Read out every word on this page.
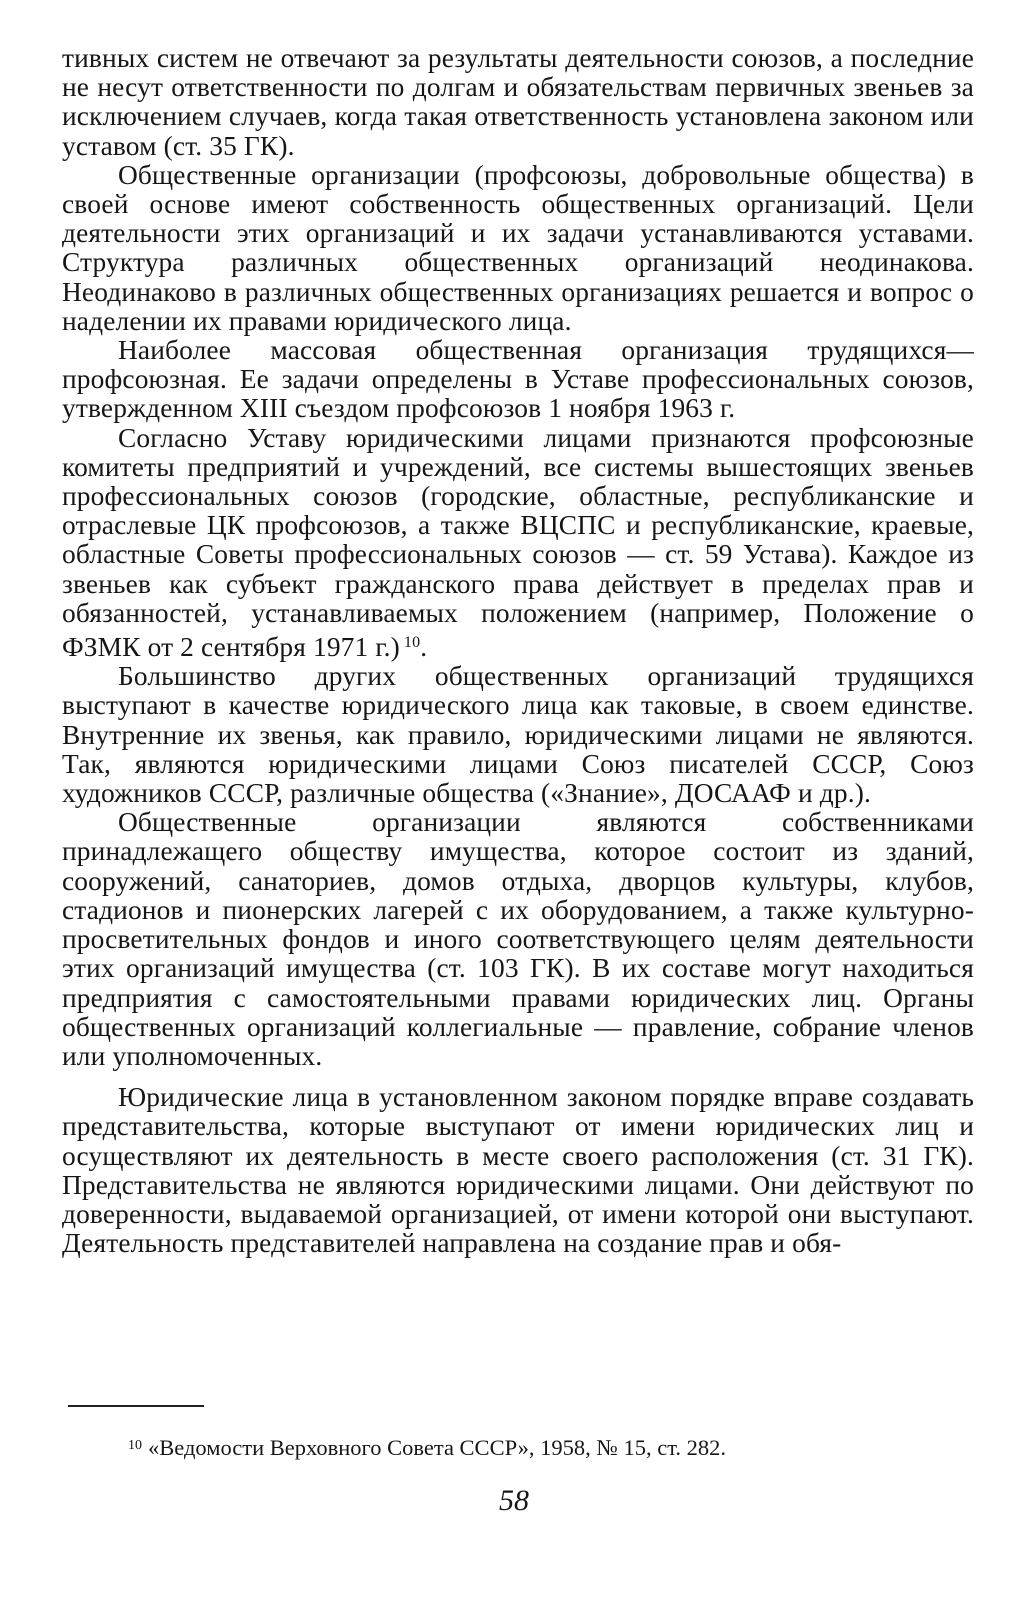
тивных систем не отвечают за результаты деятельности союзов, а последние не несут ответственности по долгам и обязательствам первичных звеньев за исключением случаев, когда такая ответственность установлена законом или уставом (ст. 35 ГК).

Общественные организации (профсоюзы, добровольные общества) в своей основе имеют собственность общественных организаций. Цели деятельности этих организаций и их задачи устанавливаются уставами. Структура различных общественных организаций неодинакова. Неодинаково в различных общественных организациях решается и вопрос о наделении их правами юридического лица.

Наиболее массовая общественная организация трудящихся— профсоюзная. Ее задачи определены в Уставе профессиональных союзов, утвержденном XIII съездом профсоюзов 1 ноября 1963 г.

Согласно Уставу юридическими лицами признаются профсоюзные комитеты предприятий и учреждений, все системы вышестоящих звеньев профессиональных союзов (городские, областные, республиканские и отраслевые ЦК профсоюзов, а также ВЦСПС и республиканские, краевые, областные Советы профессиональных союзов — ст. 59 Устава). Каждое из звеньев как субъект гражданского права действует в пределах прав и обязанностей, устанавливаемых положением (например, Положение о ФЗМК от 2 сентября 1971 г.) $^{10}$.

Большинство других общественных организаций трудящихся выступают в качестве юридического лица как таковые, в своем единстве. Внутренние их звенья, как правило, юридическими лицами не являются. Так, являются юридическими лицами Союз писателей СССР, Союз художников СССР, различные общества («Знание», ДОСААФ и др.).

Общественные организации являются собственниками принадлежащего обществу имущества, которое состоит из зданий, сооружений, санаториев, домов отдыха, дворцов культуры, клубов, стадионов и пионерских лагерей с их оборудованием, а также культурно-просветительных фондов и иного соответствующего целям деятельности этих организаций имущества (ст. 103 ГК). В их составе могут находиться предприятия с самостоятельными правами юридических лиц. Органы общественных организаций коллегиальные — правление, собрание членов или уполномоченных.

Юридические лица в установленном законом порядке вправе создавать представительства, которые выступают от имени юридических лиц и осуществляют их деятельность в месте своего расположения (ст. 31 ГК). Представительства не являются юридическими лицами. Они действуют по доверенности, выдаваемой организацией, от имени которой они выступают. Деятельность представителей направлена на создание прав и обя-

$^{10}$ «Ведомости Верховного Совета СССР», 1958, № 15, ст. 282.
58
